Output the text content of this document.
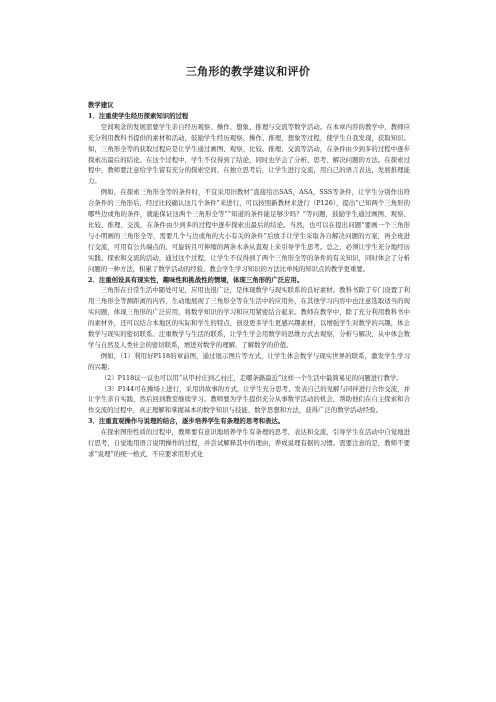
三角形的教学建议和评价

教学建议

1．注重使学生经历探索知识的过程

空间观念的发展需要学生亲自经历观察、操作、想象、推理与交流等数学活动。在本章内容的教学中，教师应充分利用教科书提供的素材和活动，鼓励学生经历观察、操作、推理、想象等过程，使学生自我发现，获取知识。如，三角形全等的获取过程应是让学生通过画图、观察、比较、推理、交流等活动，在条件由少到多的过程中逐步探索出最后的结论。在这个过程中，学生不仅得到了结论，同时也学会了分析、思考、解决问题的方法。在探索过程中，教师要注意给学生留有充分的探索空间，在独立思考后，让学生进行交流，用自己的语言表达，发展推理能力。

例如，在探索三角形全等的条件时，不宜采用旧教材“直接给出SAS，ASA，SSS等条件，让学生分别作出符合条件的三角形后，经过比较确认这几个条件”来进行，可以按照新教材来进行（P126），提出“已知两个三角形的哪些边或角的条件，就能保证这两个三角形全等”“知道的条件能足够少吗？”等问题，鼓励学生通过画图、观察、比较、推理、交流，在条件由少到多的过程中逐步探索出最后的结论。当然，也可以在提出问题“要画一个三角形与小明画的三角形全等，需要几个与边或角的大小有关的条件”后放手让学生采取各自解决问题的方案，再全班进行交流，可用有公共端点的、可旋转且可伸缩的两条木条从直观上来引导学生思考。总之，必须让学生充分地经历实践、探索和交流的活动，通过这个过程，让学生不仅得到了两个三角形全等的条件的有关知识，同时体会了分析问题的一种方法，积累了数学活动的经验，教会学生学习知识的方法比单纯的知识点的教学更重要。

2．注重创设具有现实性，趣味性和挑战性的情境，体现三角形的广泛应用。

三角形在日常生活中随处可见，应用也很广泛，是体现数学与现实联系的良好素材。教科书除了专门设置了利用三角形全等测距离的内容，生动地展现了三角形全等在生活中的应用外，在其他学习内容中也注意选取适当的现实问题，体现三角形的广泛应用，将数学知识的学习和应用紧密结合起来。教师在教学中，除了充分利用教科书中的素材外，还可以结合本地区的实际和学生的特点，创设更多学生更感兴趣素材，以增强学生对数学的兴趣，体会数学与现实的密切联系。注重数学与生活的联系，让学生学会用数学的思维方式去观察，分析与解决，从中体会数学与自然及人类社会的密切联系，增进对数学的理解，了解数学的价值。

例如，（1）利用好P118的章前图，通过展示图片等方式，让学生体会数学与现实世界的联系，激发学生学习的兴趣；

（2）P118议一议也可以用“从甲村庄到乙村庄，走哪条路最近”这样一个生活中最简易见的问题进行教学。

（3）P144可在操场上进行，采用讲故事的方式，让学生充分思考、发表自己的见解与同伴进行合作交流，并让学生亲自实践，然后回到教室继续学习。教师要为学生提供充分从事数学活动的机会，帮助他们在自主探索和合作交流的过程中，真正理解和掌握基本的数学知识与技能、数学思想和方法，获得广泛的数学活动经验。

3．注重直观操作与说理的结合，逐步培养学生有条理的思考和表达。

在探索图形性质的过程中，教师要有意识地培养学生有条理的思考、表达和交流，引导学生在活动中自觉地进行思考，自觉地用语言说明操作的过程，并尝试解释其中的理由，养成说理有据的习惯。需要注意的是，教师不要求“说理”的统一格式，不应要求用形式化
